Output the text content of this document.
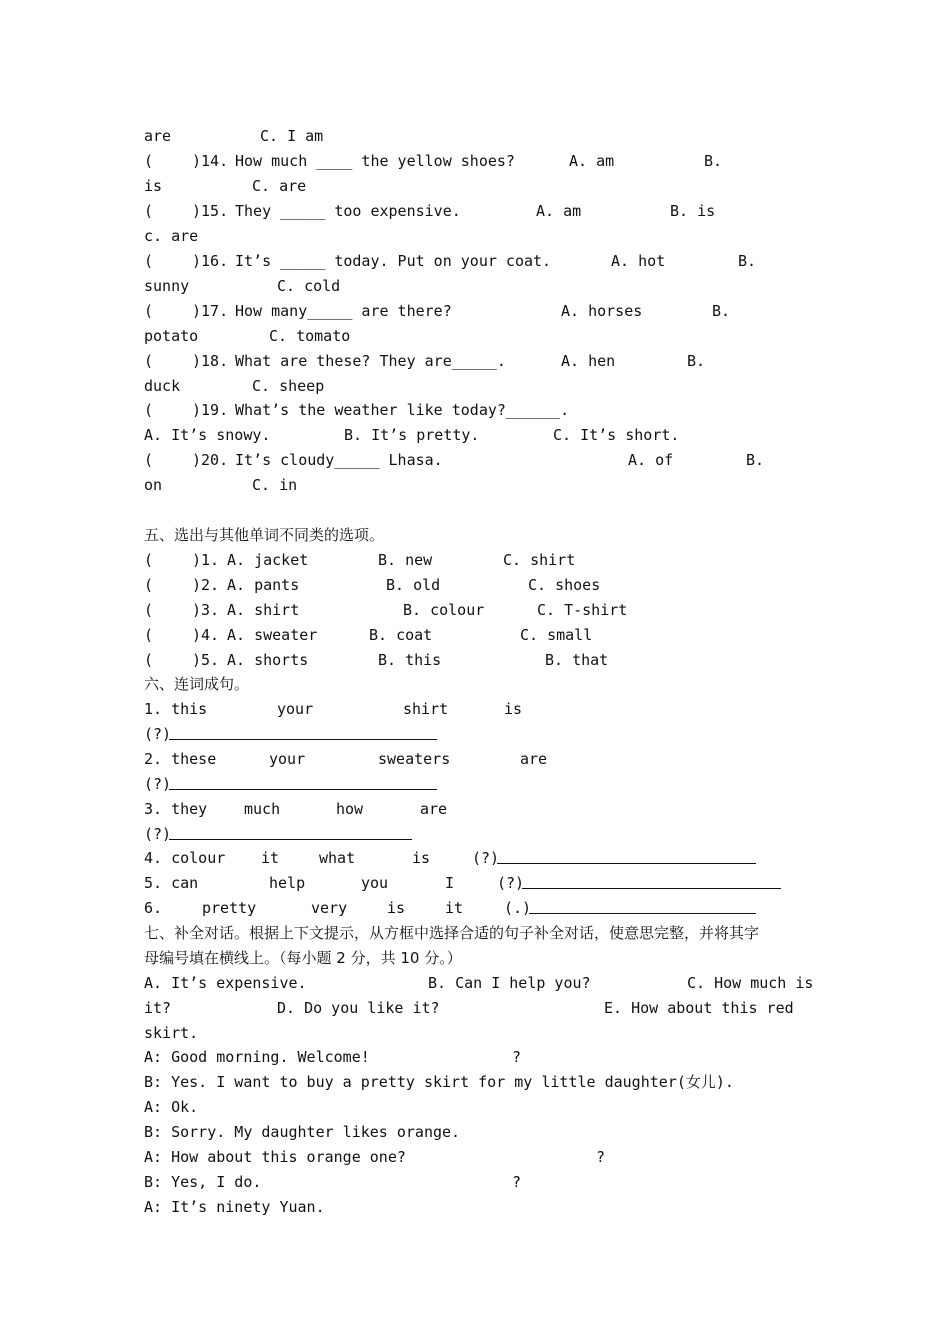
are

	C. I am

(

	)14.

How much ____ the yellow shoes?

	A. am

	B.

is

	C. are

(

	)15.

They _____ too expensive.

	A. am

	B. is

c. are

(

	)16.

It’s _____ today. Put on your coat.

	A. hot

	B.

sunny

	C. cold

(

	)17.

How many_____ are there?

	A. horses

	B.

potato

	C. tomato

(

	)18.

What are these? They are_____.

	A. hen

	B.

duck

	C. sheep

(

	)19.

What’s the weather like today?______.

A. It’s snowy.

	B. It’s pretty.

	C. It’s short.

(

	)20.

It’s cloudy_____ Lhasa.

	A. of

	B.

on

	C. in

五、选出与其他单词不同类的选项。

(

	)1.

A. jacket

	B. new

	C. shirt

(

	)2.

A. pants

	B. old

	C. shoes

(

	)3.

A. shirt

	B. colour

	C. T-shirt

(

	)4.

A. sweater

	B. coat

	C. small

(

	)5.

A. shorts

	B. this

	B. that

六、连词成句。

1. this

	your

	shirt

	is

(?)

2. these

	your

	sweaters

	are

(?)

3. they

much

	how

	are

(?)

4. colour

it

	what

	is

	(?)

5. can

	help

	you

	I

	(?)

6.

	pretty

	very

	is

	it

	(.)

七、补全对话。根据上下文提示，从方框中选择合适的句子补全对话，使意思完整，并将其字
母编号填在横线上。（每小题 2 分，共 10 分。）

A. It’s expensive.

	B. Can I help you?

	C. How much is

it?

	D. Do you like it?

	E. How about this red

skirt.

A: Good morning. Welcome!

	?

B: Yes. I want to buy a pretty skirt for my little daughter(女儿).

A: Ok.

B: Sorry. My daughter likes orange.

A: How about this orange one?

	?

B: Yes, I do.

	?

A: It’s ninety Yuan.
